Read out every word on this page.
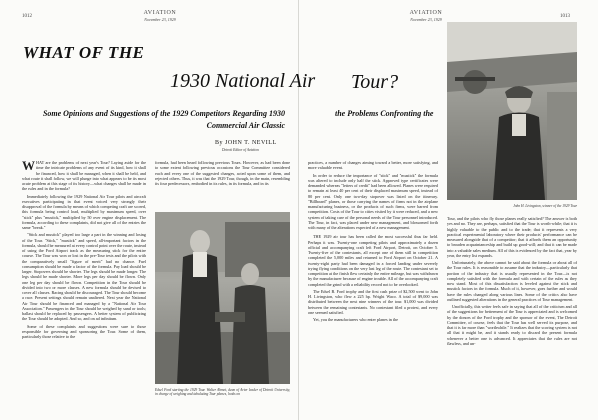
1012
AVIATION
November 23, 1929
AVIATION
November 23, 1929
1013
WHAT OF THE
1930 National Air Tour?
Some Opinions and Suggestions of the 1929 Competitors Regarding 1930 Commercial Air Classic
the Problems Confronting the
By JOHN T. NEVILL
Detroit Editor of Aviation

WHAT are the problems of next year's Tour? Laying aside for the time the intricate problems of any event of its kind, how it shall be financed, how it shall be managed, when it shall be held, and what route it shall follow, we will plunge into what appears to be its most acute problem at this stage of its history—what changes shall be made in the rules and in the formula?

Immediately following the 1929 National Air Tour pilots and aircraft executives participating in that event voiced very strongly their disapproval of the formula by means of which competing craft are scored, this formula being control load, multiplied by maximum speed, over "stick" plus "mustick," multiplied by 50 over engine displacement. The formula, according to these complaints, did not give all of the entries the same "break."

"Stick and mustick" played too large a part in the winning and losing of the Tour. "Stick," "mustick" and speed, all-important factors in the formula, should be measured at every control point over the route, instead of using the Ford Airport track as the measuring stick for the entire course. The Tour was won or lost in the pre-Tour tests and the pilots with the comparatively small "figure of merit" had no chance. Fuel consumption should be made a factor of the formula. Pay load should be larger. Stopovers should be shorter. The legs should be made longer. The legs should be made shorter. More legs per day should be flown. Only one leg per day should be flown. Competition in the Tour should be divided into two or more classes. A new formula should be devised to cover all classes. Racing should be discouraged. The Tour should become a race. Present settings should remain unaltered. Next year the National Air Tour should be financed and managed by a "National Air Tour Association." Passengers in the Tour should be weighed by sand or tools; ballast should be replaced by passengers. A better system of publicizing the Tour should be adopted. And so, and on ad infinitum.

Some of these complaints and suggestions were sure to those responsible for governing and sponsoring the Tour. Some of them, particularly those relative to the

formula, had been heard following previous Tours. However, as had been done to some extent following previous occasions the Tour Committee considered each and every one of the suggested changes, acted upon some of them, and rejected others. Thus, it was that the 1929 Tour, though, in the main, resembling its four predecessors, embodied in its rules, in its formula, and in its

Edsel Ford starting the 1929 Tour. Walter Ahmet, dean of Arter leader of Detroit University, in charge of weighing and tabulating Tour planes, looks on

practices, a number of changes aiming toward a better, more satisfying, and more valuable event.

In order to reduce the importance of "stick" and "mustick" the formula was altered to include only half the stick. Approved type certificates were demanded whereas "letters of credit" had been allowed. Planes were required to remain at least 40 per cent of their displaced maximum speed, instead of 80 per cent. Only one two-day stopover was listed on the itinerary. "Billboard" planes, or those carrying the names of firms not in the airplane manufacturing business, or the products of such firms, were barred from competition. Costs of the Tour to cities visited by it were reduced, and a new system of taking care of the personal needs of the Tour personnel introduced. The Tour, in fact, was placed under new management, and blossomed forth with many of the alterations expected of a new management.

THE 1929 air tour has been called the most successful thus far held. Perhaps it was. Twenty-one competing pilots and approximately a dozen official and accompanying craft left Ford Airport, Detroit, on October 5. Twenty-five of the contestants, all except one of them still in competition completed the 5,000 miles and returned to Ford Airport on October 21. A twenty-eight party had been damaged in a forced landing under severely trying flying conditions on the very last leg of the route. The contestant set to competition at the finish flew certainly the entire mileage, but was withdrawn by the manufacturer because of engine trouble. All of the accompanying craft completed the grind with a reliability record not to be overlooked.

The Edsel B. Ford trophy and the first cash prize of $2,500 went to John H. Livingston, who flew a 225 hp. Wright Waco. A total of $9,000 was distributed between the next nine winners of the tour. $1,000 was divided between the remaining contestants. No contestant filed a protest, and every one seemed satisfied.

Yet, you the manufacturers who enter planes in the

John H. Livingston, winner of the 1929 Tour

Tour, and the pilots who fly those planes really satisfied? The answer is both yes and no. They are, perhaps, satisfied that the Tour is worth-while; that it is highly valuable to the public and to the trade; that it represents a very practical experimental laboratory where their products' performance can be measured alongside that of a competitor; that it affords them an opportunity to broaden acquaintanceship and build up good-will; and that it can be made into a valuable sales medium. All of this is evidenced by the fact that, year by year, the entry list expands.

Unfortunately, the above cannot be said about the formula or about all of the Tour rules. It is reasonable to assume that the industry—particularly that portion of the industry that is usually represented in the Tour—is not completely satisfied with the formula and with certain of the rules as they now stand. Most of this dissatisfaction is leveled against the stick and mustick factors in the formula. Much of it, however, goes further and would have the rules changed along various lines. Some of the critics also have outlined suggested alterations in the general practices of Tour management.

Unofficially, this writer feels safe in saying that all of the criticism and all of the suggestions for betterment of the Tour is appreciated and is welcomed by the donors of the Ford trophy and the sponsor of the event, The Detroit Committee, of course, feels that the Tour has well served its purpose, and that it is far more than "worthwhile." It realizes that the scoring system is not all that it might be, and it stands ready to discard the present formula whenever a better one is advanced. It appreciates that the rules are not flawless, and un-
